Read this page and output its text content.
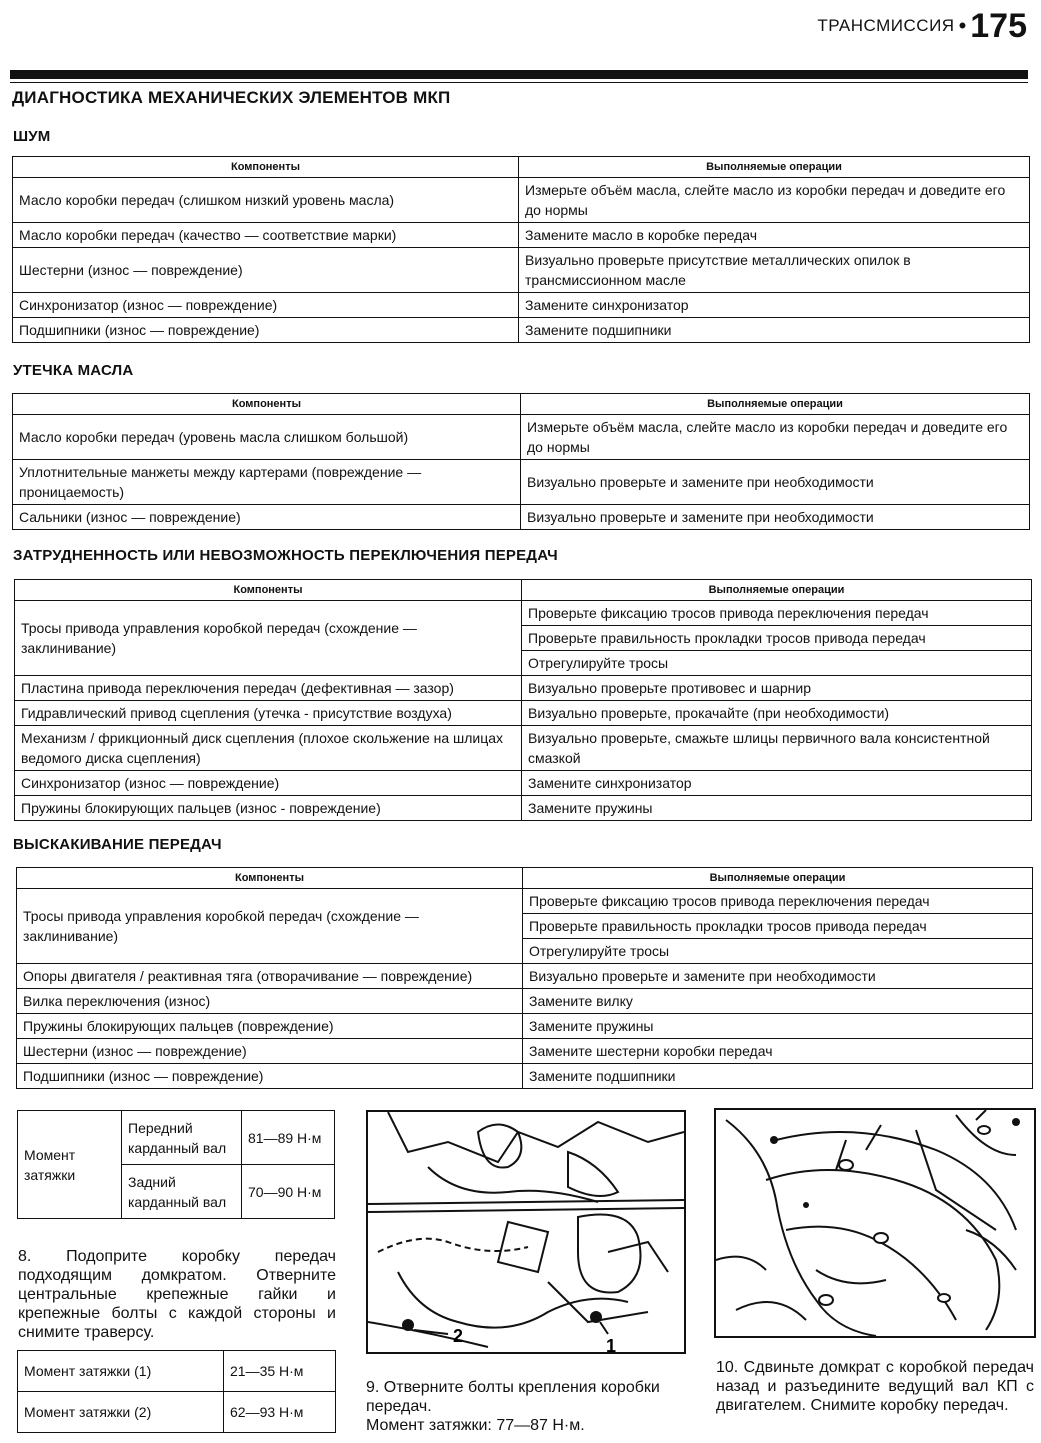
ТРАНСМИССИЯ • 175
ДИАГНОСТИКА МЕХАНИЧЕСКИХ ЭЛЕМЕНТОВ МКП
ШУМ
Компоненты	Выполняемые операции
Масло коробки передач (слишком низкий уровень масла)	Измерьте объём масла, слейте масло из коробки передач и доведите его до нормы
Масло коробки передач (качество — соответствие марки)	Замените масло в коробке передач
Шестерни (износ — повреждение)	Визуально проверьте присутствие металлических опилок в трансмиссионном масле
Синхронизатор (износ — повреждение)	Замените синхронизатор
Подшипники (износ — повреждение)	Замените подшипники
УТЕЧКА МАСЛА
Компоненты	Выполняемые операции
Масло коробки передач (уровень масла слишком большой)	Измерьте объём масла, слейте масло из коробки передач и доведите его до нормы
Уплотнительные манжеты между картерами (повреждение — проницаемость)	Визуально проверьте и замените при необходимости
Сальники (износ — повреждение)	Визуально проверьте и замените при необходимости
ЗАТРУДНЕННОСТЬ ИЛИ НЕВОЗМОЖНОСТЬ ПЕРЕКЛЮЧЕНИЯ ПЕРЕДАЧ
Компоненты	Выполняемые операции
Тросы привода управления коробкой передач (схождение — заклинивание)	Проверьте фиксацию тросов привода переключения передач
	Проверьте правильность прокладки тросов привода передач
	Отрегулируйте тросы
Пластина привода переключения передач (дефективная — зазор)	Визуально проверьте противовес и шарнир
Гидравлический привод сцепления (утечка - присутствие воздуха)	Визуально проверьте, прокачайте (при необходимости)
Механизм / фрикционный диск сцепления (плохое скольжение на шлицах ведомого диска сцепления)	Визуально проверьте, смажьте шлицы первичного вала консистентной смазкой
Синхронизатор (износ — повреждение)	Замените синхронизатор
Пружины блокирующих пальцев (износ - повреждение)	Замените пружины
ВЫСКАКИВАНИЕ ПЕРЕДАЧ
Компоненты	Выполняемые операции
Тросы привода управления коробкой передач (схождение — заклинивание)	Проверьте фиксацию тросов привода переключения передач
	Проверьте правильность прокладки тросов привода передач
	Отрегулируйте тросы
Опоры двигателя / реактивная тяга (отворачивание — повреждение)	Визуально проверьте и замените при необходимости
Вилка переключения (износ)	Замените вилку
Пружины блокирующих пальцев (повреждение)	Замените пружины
Шестерни (износ — повреждение)	Замените шестерни коробки передач
Подшипники (износ — повреждение)	Замените подшипники
Момент затяжки	Передний карданный вал	81—89 Н·м
	Задний карданный вал	70—90 Н·м
8. Подоприте коробку передач подходящим домкратом. Отверните центральные крепежные гайки и крепежные болты с каждой стороны и снимите траверсу.
Момент затяжки (1)	21—35 Н·м
Момент затяжки (2)	62—93 Н·м
2	1
9. Отверните болты крепления коробки передач.
Момент затяжки: 77—87 Н·м.
10. Сдвиньте домкрат с коробкой передач назад и разъедините ведущий вал КП с двигателем. Снимите коробку передач.
